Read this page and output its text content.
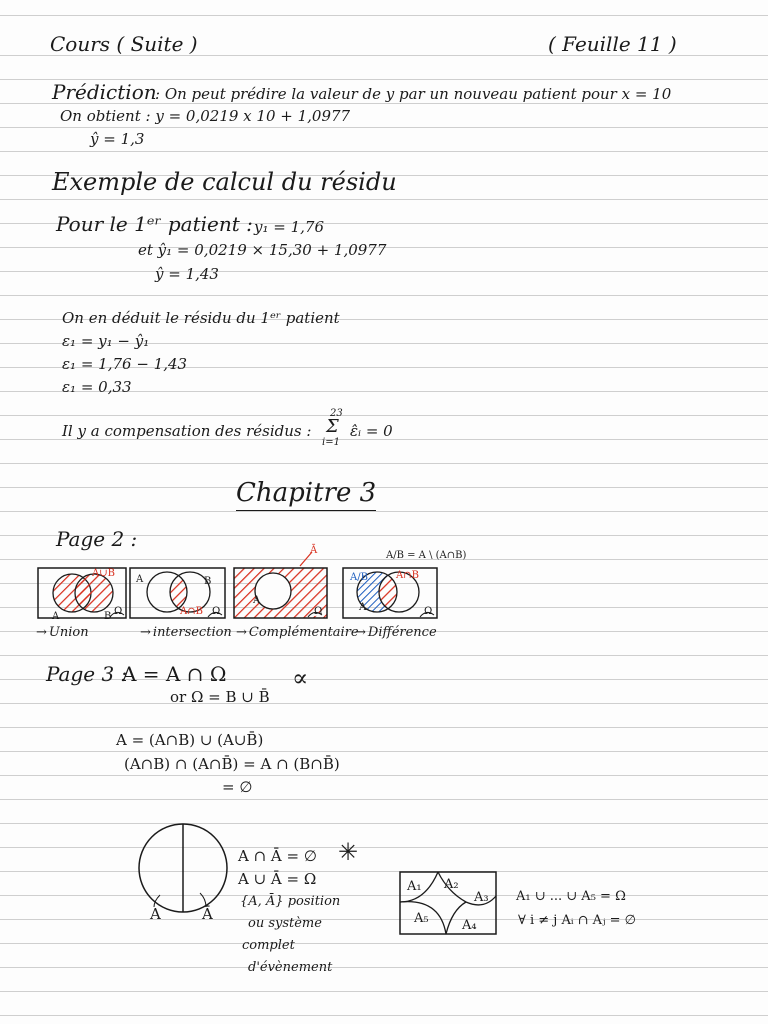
Cours ( Suite )	( Feuille 11 )
Prédiction
: On peut prédire la valeur de y par un nouveau patient pour x = 10
On obtient : y = 0,0219 x 10 + 1,0977
ŷ = 1,3
Exemple de calcul du résidu
Pour le 1ᵉʳ patient : y₁ = 1,76
et ŷ₁ = 0,0219 × 15,30 + 1,0977
ŷ = 1,43
On en déduit le résidu du 1ᵉʳ patient
ε₁ = y₁ − ŷ₁
ε₁ = 1,76 − 1,43
ε₁ = 0,33
Il y a compensation des résidus :
23
Σ
i=1
ε̂ᵢ = 0
Chapitre 3
Page 2 :
A∪B
A	B Ω
A	B
A∩B Ω
Ā
A
Ω
A/B = A \ (A∩B)
A/B	A∩B
A	Ω
→ Union	→ intersection	→ Complémentaire → Différence
Page 3 :
A = A ∩ Ω
or Ω = B ∪ B̄
∝
A = (A∩B) ∪ (A∪B̄)
(A∩B) ∩ (A∩B̄) = A ∩ (B∩B̄)
= ∅
A	Ā
A ∩ Ā = ∅ ✳
A ∪ Ā = Ω
{A, Ā} position
ou système
complet
d'évènement
A₁ A₂
A₃
A₅	A₄
A₁ ∪ ... ∪ A₅ = Ω
∀ i ≠ j Aᵢ ∩ Aⱼ = ∅
